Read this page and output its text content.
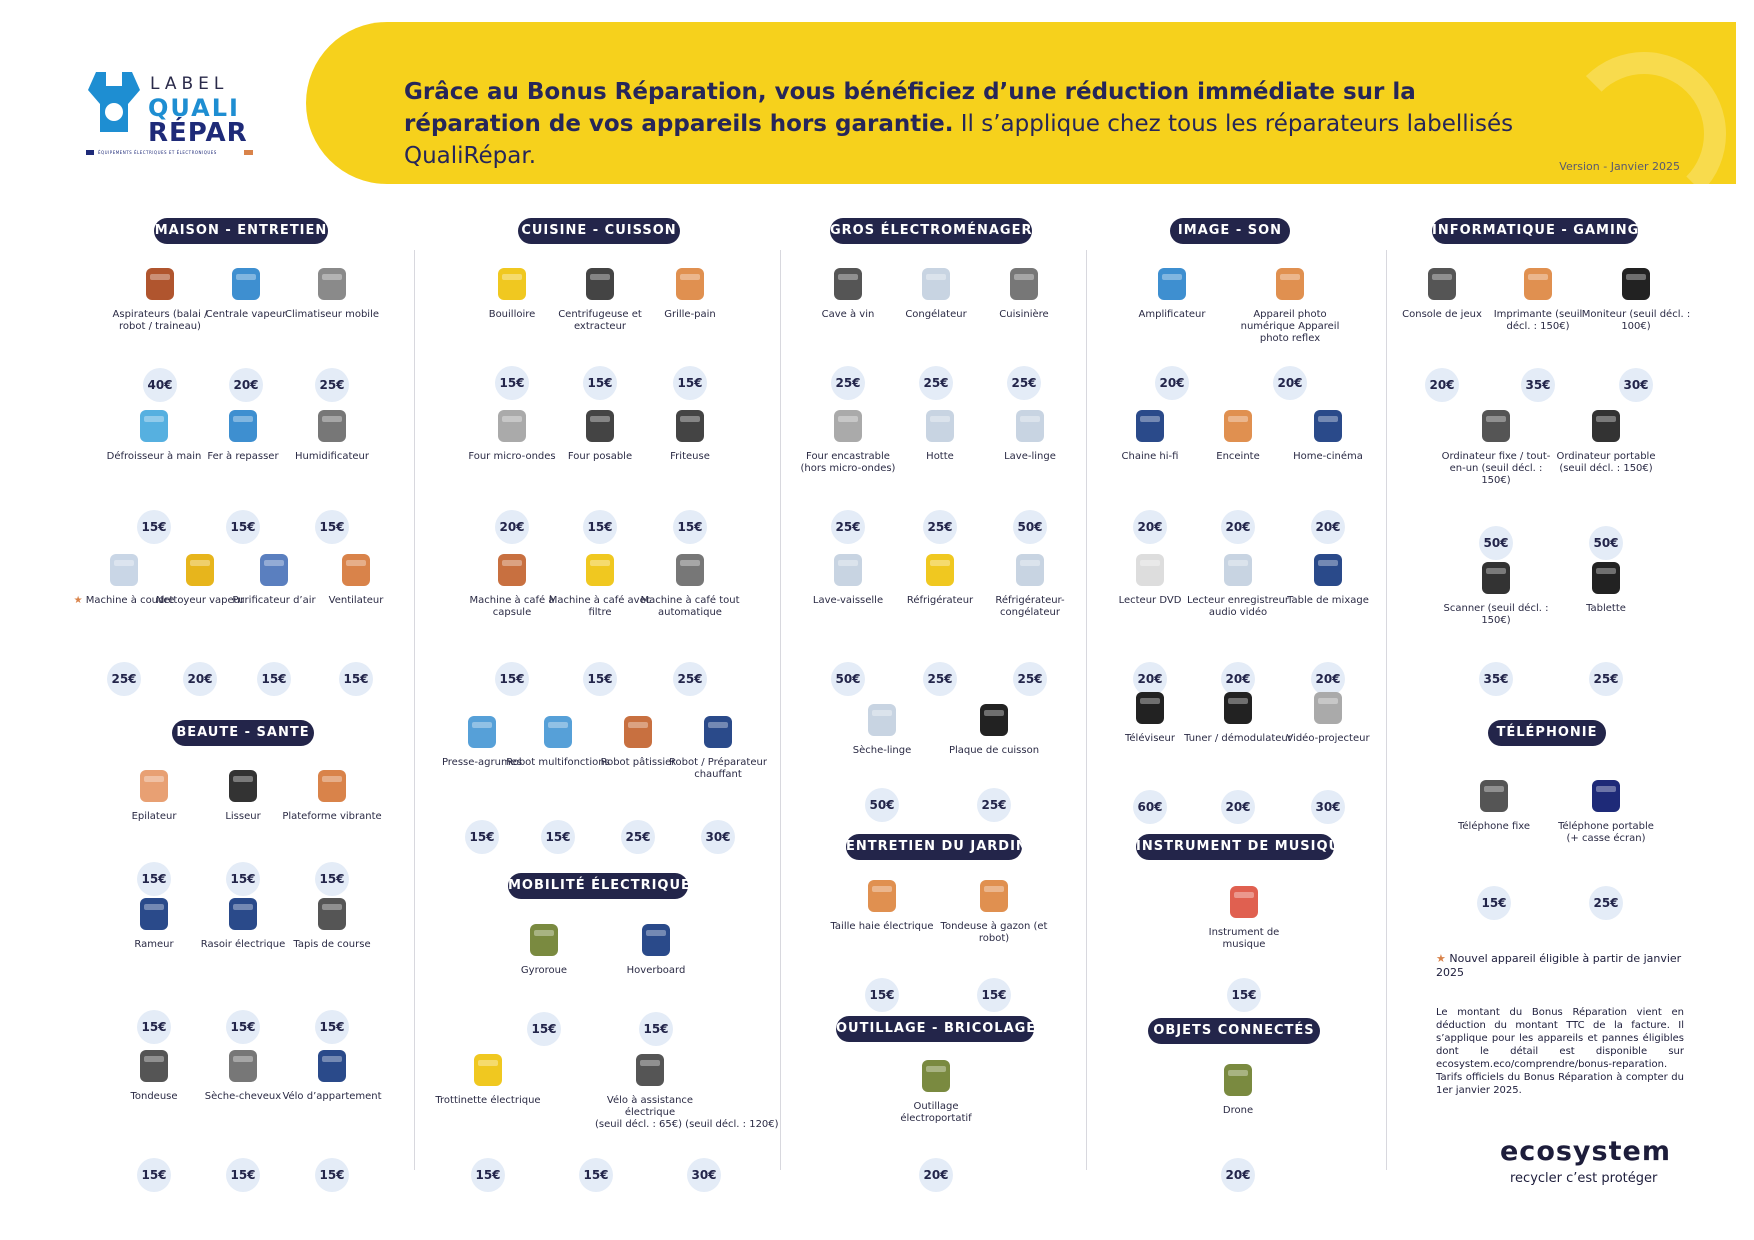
Grâce au Bonus Réparation, vous bénéficiez d’une réduction immédiate sur la réparation de vos appareils hors garantie. Il s’applique chez tous les réparateurs labellisés QualiRépar.	Version - Janvier 2025
LABEL
QUALI
RÉPAR
ÉQUIPEMENTS ÉLECTRIQUES ET ÉLECTRONIQUES
MAISON - ENTRETIEN
BEAUTE - SANTE
CUISINE - CUISSON
MOBILITÉ ÉLECTRIQUE
GROS ÉLECTROMÉNAGER
ENTRETIEN DU JARDIN
OUTILLAGE - BRICOLAGE
IMAGE - SON
INSTRUMENT DE MUSIQUE
OBJETS CONNECTÉS
INFORMATIQUE - GAMING
TÉLÉPHONIE
Aspirateurs (balai / robot / traineau)
40€
Centrale vapeur
20€
Climatiseur mobile
25€
Défroisseur à main
15€
Fer à repasser
15€
Humidificateur
15€
★ Machine à coudre
25€
Nettoyeur vapeur
20€
Purificateur d’air
15€
Ventilateur
15€
Epilateur
15€
Lisseur
15€
Plateforme vibrante
15€
Rameur
15€
Rasoir électrique
15€
Tapis de course
15€
Tondeuse
15€
Sèche-cheveux
15€
Vélo d’appartement
15€
Bouilloire
15€
Centrifugeuse et extracteur
15€
Grille-pain
15€
Four micro-ondes
20€
Four posable
15€
Friteuse
15€
Machine à café à capsule
15€
Machine à café avec filtre
15€
Machine à café tout automatique
25€
Presse-agrumes
15€
Robot multifonctions
15€
Robot pâtissier
25€
Robot / Préparateur chauffant
30€
Gyroroue
15€
Hoverboard
15€
Trottinette électrique
15€
Vélo à assistance électrique
(seuil décl. : 65€) (seuil décl. : 120€)
30€
15€
Cave à vin
25€
Congélateur
25€
Cuisinière
25€
Four encastrable (hors micro-ondes)
25€
Hotte
25€
Lave-linge
50€
Lave-vaisselle
50€
Réfrigérateur
25€
Réfrigérateur-congélateur
25€
Sèche-linge
50€
Plaque de cuisson
25€
Taille haie électrique
15€
Tondeuse à gazon (et robot)
15€
Outillage électroportatif
20€
Amplificateur
20€
Appareil photo numérique Appareil photo reflex
20€
Chaine hi-fi
20€
Enceinte
20€
Home-cinéma
20€
Lecteur DVD
20€
Lecteur enregistreur audio vidéo
20€
Table de mixage
20€
Téléviseur
60€
Tuner / démodulateur
20€
Vidéo-projecteur
30€
Instrument de musique
15€
Drone
20€
Console de jeux
20€
Imprimante (seuil décl. : 150€)
35€
Moniteur (seuil décl. : 100€)
30€
Ordinateur fixe / tout-en-un (seuil décl. : 150€)
50€
Ordinateur portable (seuil décl. : 150€)
50€
Scanner (seuil décl. : 150€)
35€
Tablette
25€
Téléphone fixe
15€
Téléphone portable (+ casse écran)
25€
★ Nouvel appareil éligible à partir de janvier 2025
Le montant du Bonus Réparation vient en déduction du montant TTC de la facture. Il s’applique pour les appareils et pannes éligibles dont le détail est disponible sur ecosystem.eco/comprendre/bonus-reparation. Tarifs officiels du Bonus Réparation à compter du 1er janvier 2025.
ecosystem
recycler c’est protéger
